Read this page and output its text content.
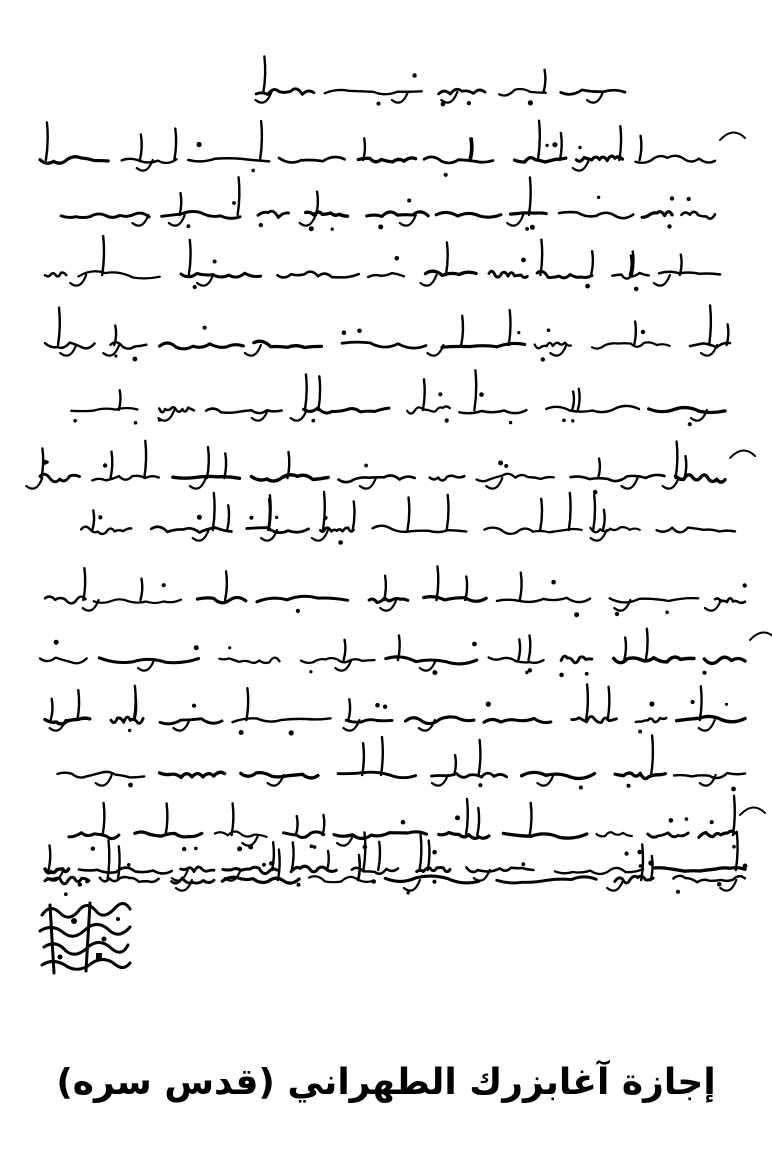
إجازة آغابزرك الطهراني (قدس سره)
